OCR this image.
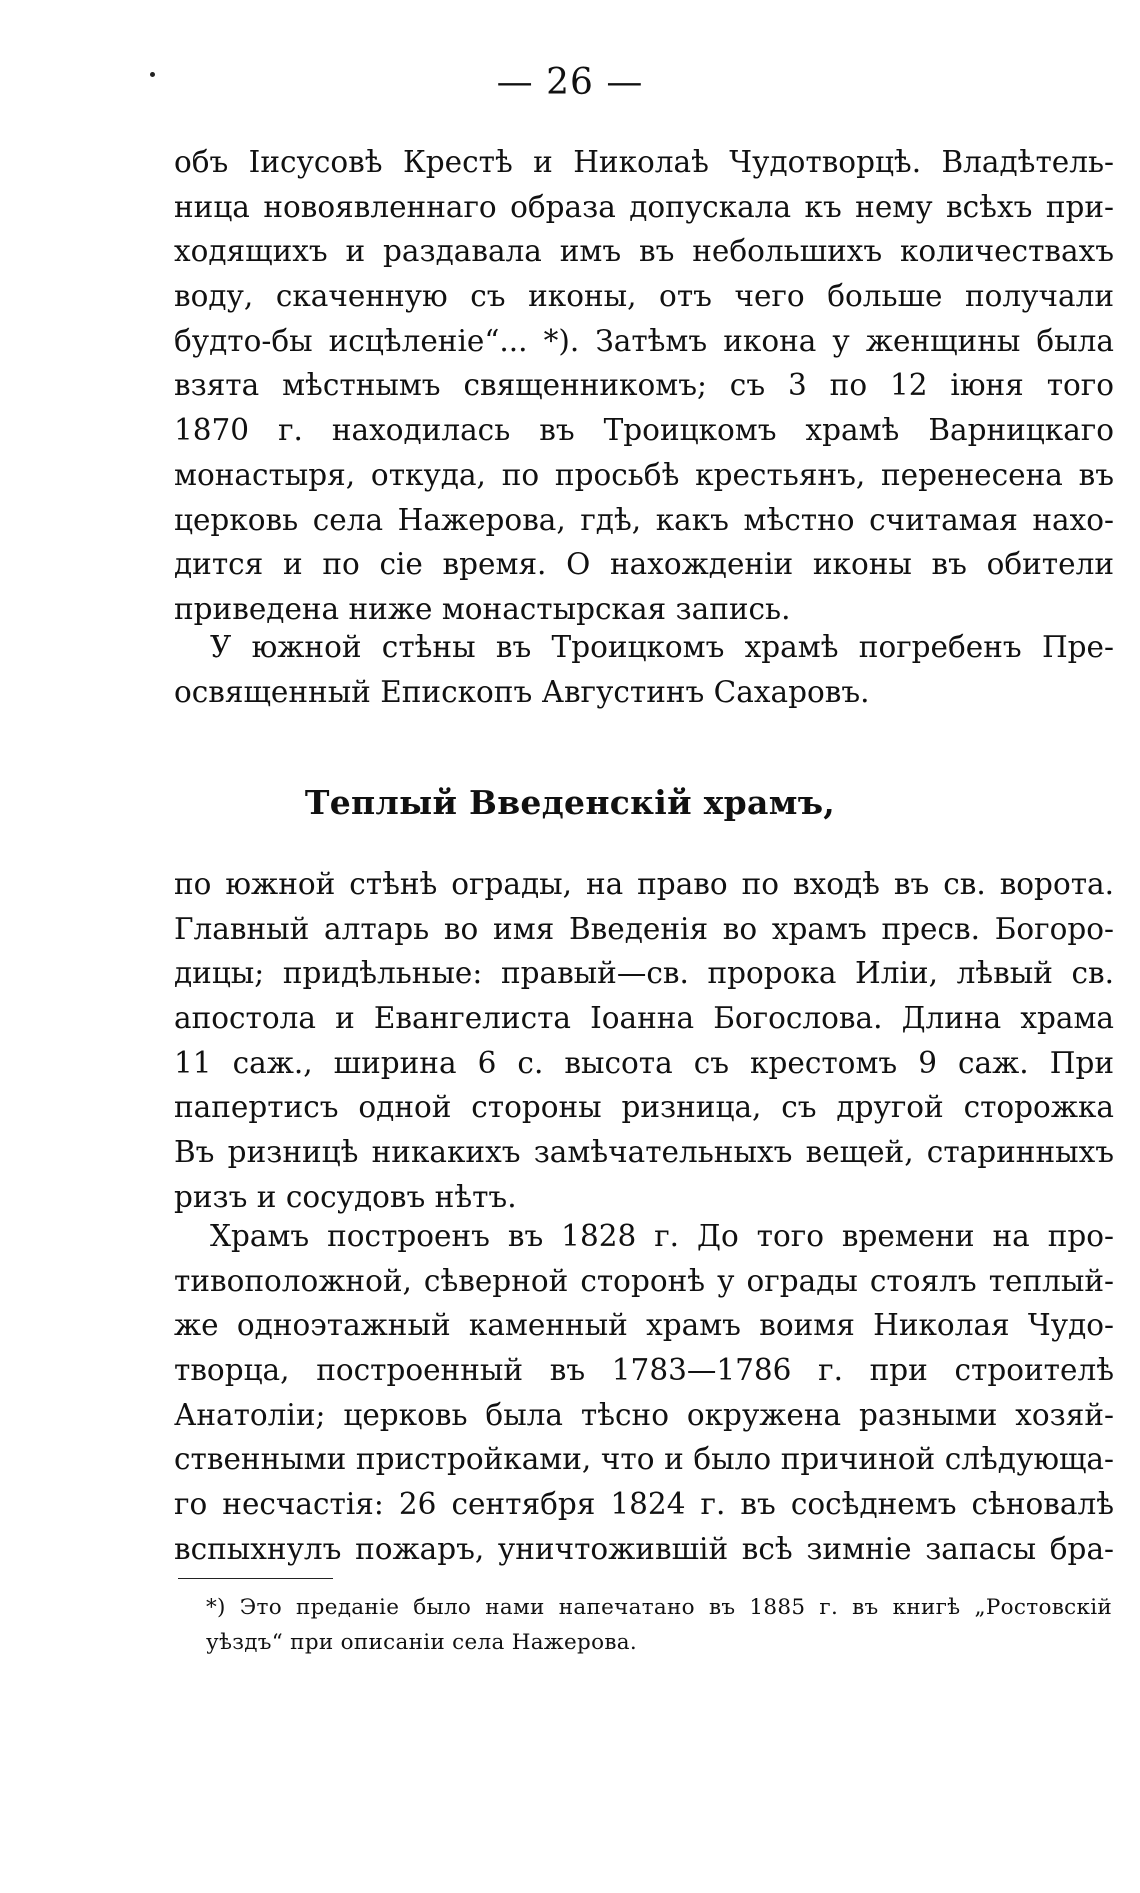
— 26 —
объ Іисусовѣ Крестѣ и Николаѣ Чудотворцѣ. Владѣтель-
ница новоявленнаго образа допускала къ нему всѣхъ при-
ходящихъ и раздавала имъ въ небольшихъ количествахъ
воду, скаченную съ иконы, отъ чего больше получали
будто-бы исцѣленіе“... *). Затѣмъ икона у женщины была
взята мѣстнымъ священникомъ; съ 3 по 12 іюня того
1870 г. находилась въ Троицкомъ храмѣ Варницкаго
монастыря, откуда, по просьбѣ крестьянъ, перенесена въ
церковь села Нажерова, гдѣ, какъ мѣстно считамая нахо-
дится и по сіе время. О нахожденіи иконы въ обители
приведена ниже монастырская запись.
У южной стѣны въ Троицкомъ храмѣ погребенъ Пре-
освященный Епископъ Августинъ Сахаровъ.
Теплый Введенскій храмъ,
по южной стѣнѣ ограды, на право по входѣ въ св. ворота.
Главный алтарь во имя Введенія во храмъ пресв. Богоро-
дицы; придѣльные: правый—св. пророка Иліи, лѣвый св.
апостола и Евангелиста Іоанна Богослова. Длина храма
11 саж., ширина 6 с. высота съ крестомъ 9 саж. При
папертисъ одной стороны ризница, съ другой сторожка
Въ ризницѣ никакихъ замѣчательныхъ вещей, старинныхъ
ризъ и сосудовъ нѣтъ.
Храмъ построенъ въ 1828 г. До того времени на про-
тивоположной, сѣверной сторонѣ у ограды стоялъ теплый-
же одноэтажный каменный храмъ воимя Николая Чудо-
творца, построенный въ 1783—1786 г. при строителѣ
Анатоліи; церковь была тѣсно окружена разными хозяй-
ственными пристройками, что и было причиной слѣдующа-
го несчастія: 26 сентября 1824 г. въ сосѣднемъ сѣновалѣ
вспыхнулъ пожаръ, уничтожившій всѣ зимніе запасы бра-
*) Это преданіе было нами напечатано въ 1885 г. въ книгѣ „Ростовскій
уѣздъ“ при описаніи села Нажерова.
